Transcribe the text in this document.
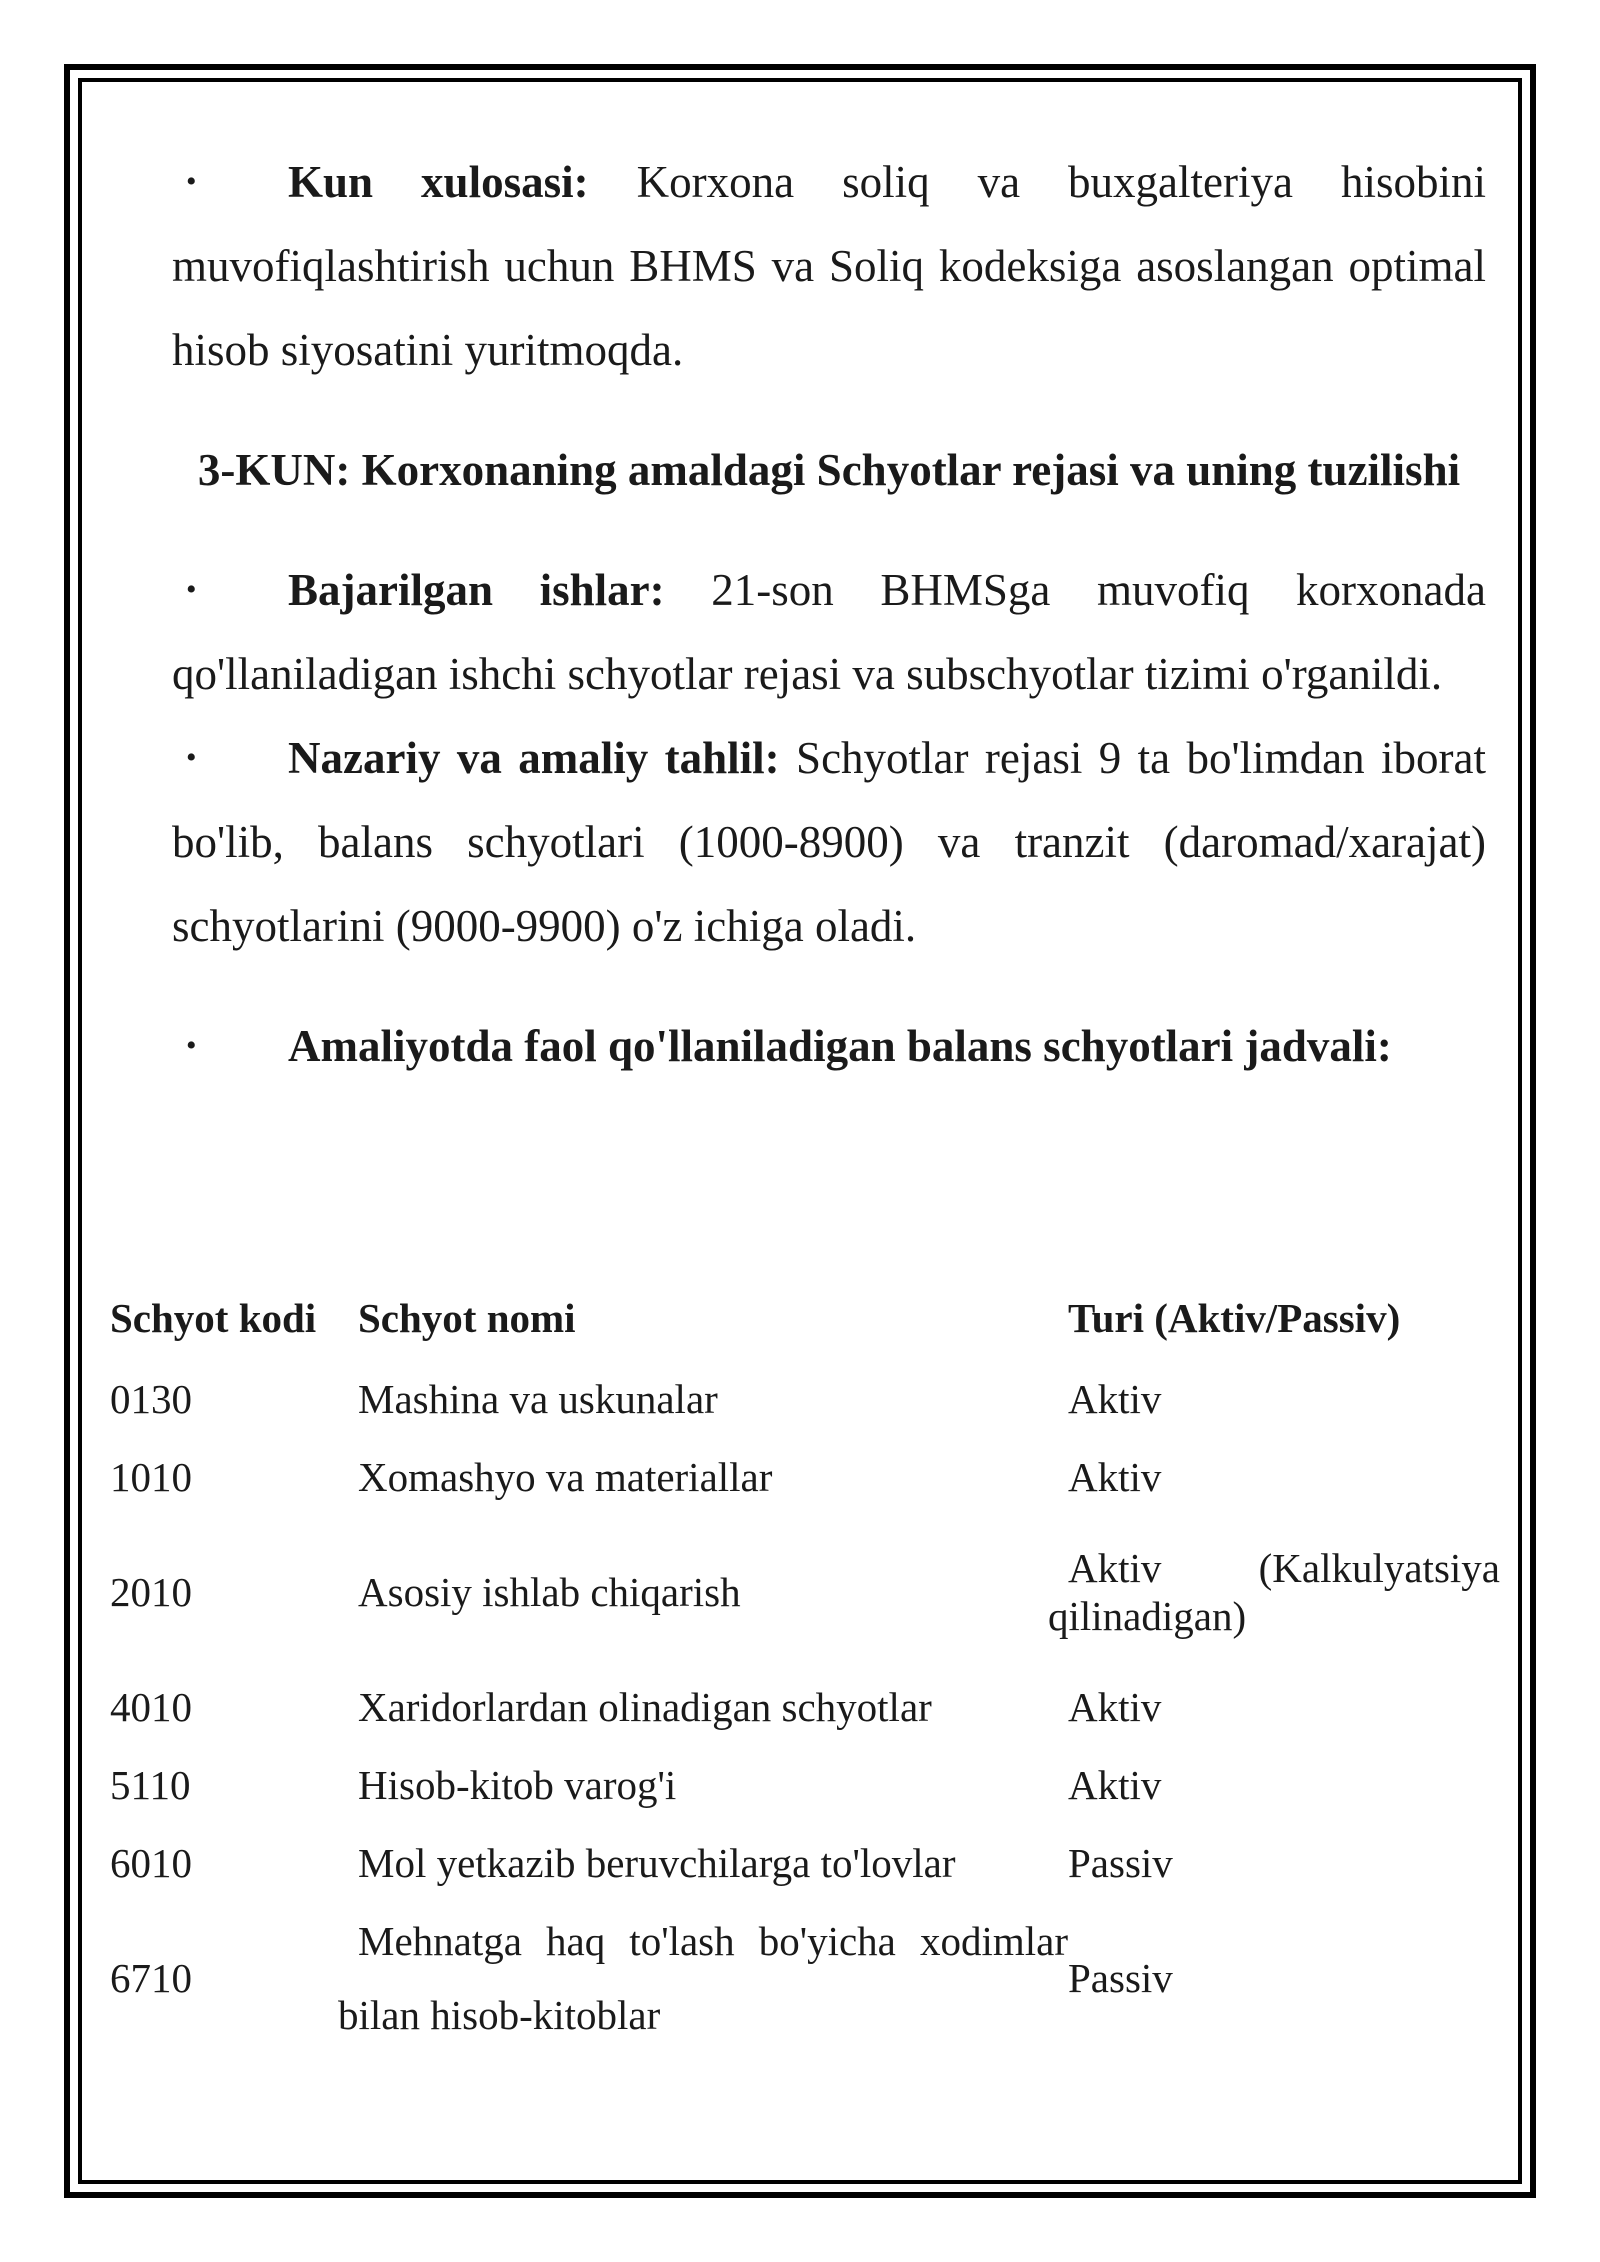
• Kun xulosasi: Korxona soliq va buxgalteriya hisobini muvofiqlashtirish uchun BHMS va Soliq kodeksiga asoslangan optimal hisob siyosatini yuritmoqda.

3-KUN: Korxonaning amaldagi Schyotlar rejasi va uning tuzilishi

• Bajarilgan ishlar: 21-son BHMSga muvofiq korxonada qo'llaniladigan ishchi schyotlar rejasi va subschyotlar tizimi o'rganildi.

• Nazariy va amaliy tahlil: Schyotlar rejasi 9 ta bo'limdan iborat bo'lib, balans schyotlari (1000-8900) va tranzit (daromad/xarajat) schyotlarini (9000-9900) o'z ichiga oladi.

• Amaliyotda faol qo'llaniladigan balans schyotlari jadvali:

Schyot kodi	Schyot nomi	Turi (Aktiv/Passiv)
0130	Mashina va uskunalar	Aktiv
1010	Xomashyo va materiallar	Aktiv
2010	Asosiy ishlab chiqarish	Aktiv (Kalkulyatsiya
qilinadigan)

4010	Xaridorlardan olinadigan schyotlar	Aktiv
5110	Hisob-kitob varog'i	Aktiv
6010	Mol yetkazib beruvchilarga to'lovlar	Passiv
6710	Mehnatga haq to'lash bo'yicha xodimlar
bilan hisob-kitoblar	Passiv
